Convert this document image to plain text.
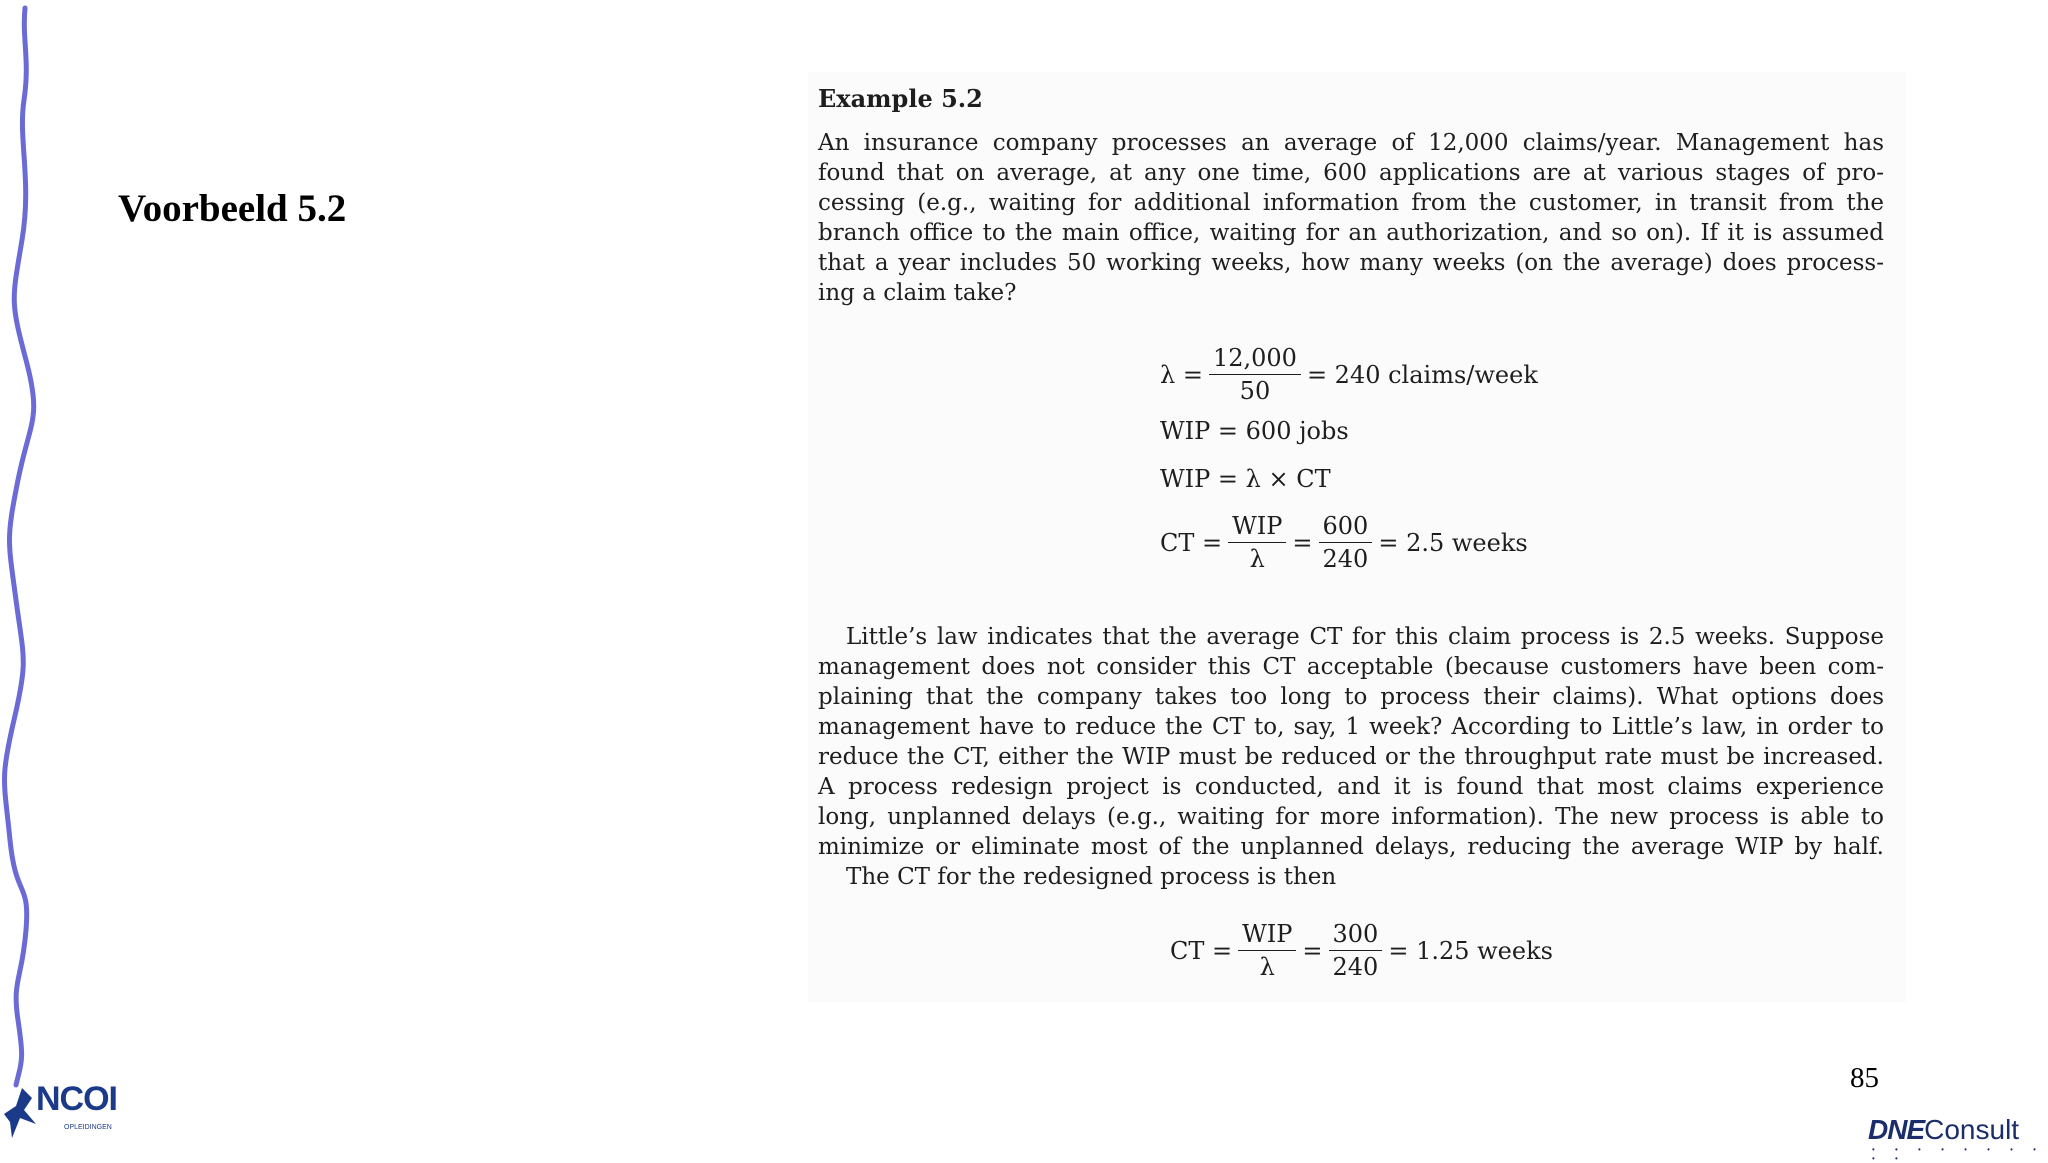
Voorbeeld 5.2
Example 5.2
An insurance company processes an average of 12,000 claims/year. Management has
found that on average, at any one time, 600 applications are at various stages of pro-
cessing (e.g., waiting for additional information from the customer, in transit from the
branch office to the main office, waiting for an authorization, and so on). If it is assumed
that a year includes 50 working weeks, how many weeks (on the average) does process-
ing a claim take?
$\lambda = \frac{12,000}{50} = 240$ claims/week
WIP = 600 jobs
WIP = λ × CT
CT = $\frac{\text{WIP}}{\lambda} = \frac{600}{240} = 2.5$ weeks
Little’s law indicates that the average CT for this claim process is 2.5 weeks. Suppose
management does not consider this CT acceptable (because customers have been com-
plaining that the company takes too long to process their claims). What options does
management have to reduce the CT to, say, 1 week? According to Little’s law, in order to
reduce the CT, either the WIP must be reduced or the throughput rate must be increased.
A process redesign project is conducted, and it is found that most claims experience
long, unplanned delays (e.g., waiting for more information). The new process is able to
minimize or eliminate most of the unplanned delays, reducing the average WIP by half.
The CT for the redesigned process is then
CT = $\frac{\text{WIP}}{\lambda} = \frac{300}{240} = 1.25$ weeks
85
NCOI
OPLEIDINGEN	DNEConsult
• • • • • • • • • •
